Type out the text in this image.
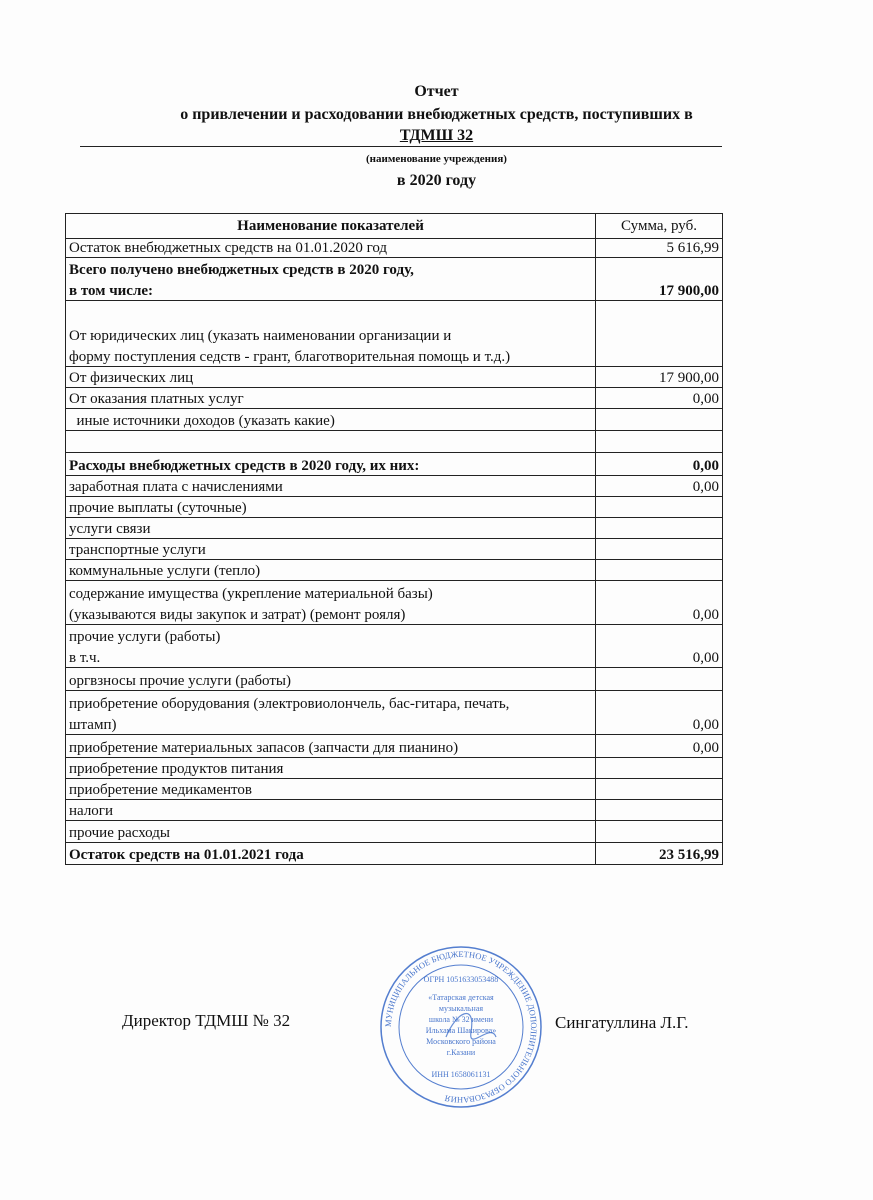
Отчет
о привлечении и расходовании внебюджетных средств, поступивших в
ТДМШ 32
(наименование учреждения)
в 2020 году
Наименование показателей	Сумма, руб.

Остаток внебюджетных средств на 01.01.2020 год	5 616,99

Всего получено внебюджетных средств в 2020 году,
в том числе:	17 900,00

От юридических лиц (указать наименовании организации и
форму поступления седств - грант, благотворительная помощь и т.д.)	

От физических лиц	17 900,00

От оказания платных услуг	0,00

иные источники доходов (указать какие)	

Расходы внебюджетных средств в 2020 году, их них:	0,00

заработная плата с начислениями	0,00

прочие выплаты (суточные)	

услуги связи	

транспортные услуги	

коммунальные услуги (тепло)	

содержание имущества (укрепление материальной базы)
(указываются виды закупок и затрат) (ремонт рояля)	0,00

прочие услуги (работы)
в т.ч.	0,00

оргвзносы прочие услуги (работы)	

приобретение оборудования (электровиолончель, бас-гитара, печать,
штамп)	0,00

приобретение материальных запасов (запчасти для пианино)	0,00

приобретение продуктов питания	

приобретение медикаментов	

налоги	

прочие расходы	

Остаток средств на 01.01.2021 года	23 516,99
Директор ТДМШ № 32	Сингатуллина Л.Г.
МУНИЦИПАЛЬНОЕ БЮДЖЕТНОЕ УЧРЕЖДЕНИЕ ДОПОЛНИТЕЛЬНОГО ОБРАЗОВАНИЯ
«Татарская детская
музыкальная
школа № 32 имени
Ильхама Шакирова»
Московского района
г.Казани
ОГРН 1051633053488
ИНН 1658061131
